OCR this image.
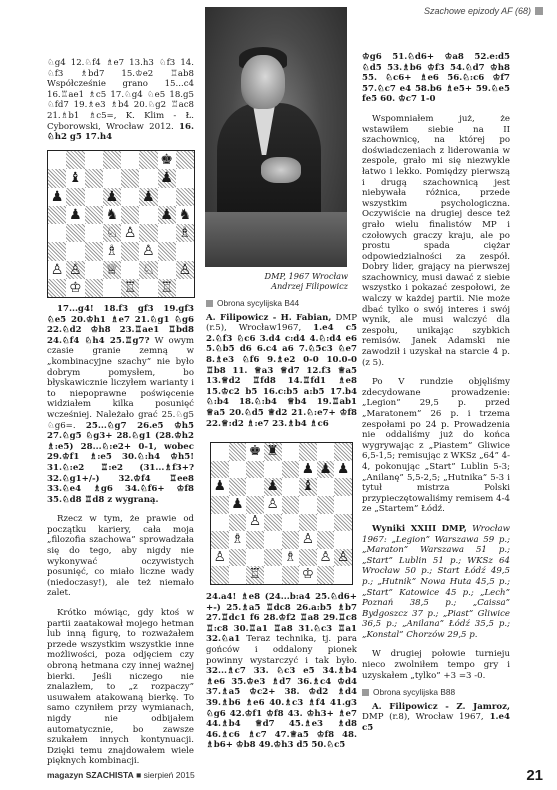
Szachowe epizody AF (68)

♘g4 12.♘f4 ♗e7 13.h3 ♘f3 14. ♘f3 ♗bd7 15.♔e2 ♖ab8 Współcześnie grano 15...c4 16.♖ae1 ♗c5 17.♘g4 ♘e5 18.g5 ♘fd7 19.♗e3 ♗b4 20.♘g2 ♖ac8 21.♗b1 ♗c5=, K. Klim - Ł. Cyborowski, Wrocław 2012. 16. ♘h2 g5 17.h4

♚
♝	♟
♟	♟ ♟
♟ ♞	♟ ♞
♘ ♙	♗
♗ ♙
♙ ♙ ♕ ♘ ♙
♔	♖ ♖

17...g4! 18.f3 gf3 19.gf3 ♘e5 20.♔h1 ♗e7 21.♘g1 ♘g6 22.♘d2 ♔h8 23.♖ae1 ♖bd8 24.♘f4 ♘h4 25.♖g7? W owym czasie granie zemną w „kombinacyjne szachy” nie było dobrym pomysłem, bo błyskawicznie liczyłem warianty i to niepoprawne poświęcenie widziałem kilka posunięć wcześniej. Należało grać 25.♘g5 ♘g6=. 25...♘g7 26.e5 ♔h5 27.♘g5 ♘g3+ 28.♘g1 (28.♔h2 ♗:e5) 28...♘:e2+ 0-1, wobec 29.♔f1 ♗:e5 30.♘:h4 ♔h5! 31.♘:e2 ♖:e2 (31...♗f3+? 32.♘g1+/-) 32.♔f4 ♖ee8 33.♘e4 ♗g6 34.♘f6+ ♔f8 35.♘d8 ♖d8 z wygraną.

Rzecz w tym, że prawie od początku kariery, cała moja „filozofia szachowa” sprowadzała się do tego, aby nigdy nie wykonywać oczywistych posunięć, co miało liczne wady (niedoczasy!), ale też niemało zalet.

Krótko mówiąc, gdy ktoś w partii zaatakował mojego hetman lub inną figurę, to rozważałem przede wszystkim wszystkie inne możliwości, poza odjęciem czy obroną hetmana czy innej ważnej bierki. Jeśli niczego nie znalazłem, to „z rozpaczy” usuwałem atakowaną bierkę. To samo czyniłem przy wymianach, nigdy nie odbijałem automatycznie, bo zawsze szukałem innych kontynuacji. Dzięki temu znajdowałem wiele pięknych kombinacji.

DMP, 1967 Wrocław
Andrzej Filipowicz
Obrona sycylijska B44

A. Filipowicz - H. Fabian, DMP (r.5), Wrocław1967, 1.e4 c5 2.♘f3 ♘c6 3.d4 c:d4 4.♘:d4 e6 5.♘b5 d6 6.c4 a6 7.♘5c3 ♘e7 8.♗e3 ♘f6 9.♗e2 0-0 10.0-0 ♖b8 11. ♕a3 ♕d7 12.f3 ♕a5 13.♕d2 ♖fd8 14.♖fd1 ♗e8 15.♔c2 b5 16.c:b5 a:b5 17.b4 ♘:b4 18.♘:b4 ♕b4 19.♖ab1 ♕a5 20.♘d5 ♕d2 21.♘:e7+ ♔f8 22.♕:d2 ♗:e7 23.♗b4 ♗c6

♚ ♜
♟ ♟ ♟
♟	♟ ♝
♟ ♙
♙
♗	♙
♙	♗ ♙ ♙
♖	♔

24.a4! ♗e8 (24...b:a4 25.♘d6+ +-) 25.♗a5 ♖dc8 26.a:b5 ♗b7 27.♖dc1 f6 28.♔f2 ♖a8 29.♖c8 ♖:c8 30.♖a1 ♖a8 31.♘c3 ♖a1 32.♘a1 Teraz technika, tj. para gońców i oddalony pionek powinny wystarczyć i tak było. 32...♗c7 33. ♘c3 e5 34.♗b4 ♗e6 35.♔e3 ♗d7 36.♗c4 ♔d4 37.♗a5 ♔c2+ 38. ♔d2 ♗d4 39.♗b6 ♗e6 40.♗c3 ♗f4 41.g3 ♘g6 42.♔f1 ♔f8 43. ♔h3+ ♗e7 44.♗b4 ♕d7 45.♗e3 ♗d8 46.♗c6 ♗c7 47.♕a5 ♔f8 48. ♗b6+ ♔b8 49.♔h3 d5 50.♘c5

♔g6 51.♘d6+ ♔a8 52.e:d5 ♘d5 53.♗b6 ♔f3 54.♘d7 ♔h8 55. ♘c6+ ♗e6 56.♘:c6 ♔f7 57.♘c7 e4 58.b6 ♗e5+ 59.♘e5 fe5 60. ♔c7 1-0

Wspomniałem już, że wstawiłem siebie na II szachownicę, na której po doświadczeniach z liderowania w zespole, grało mi się niezwykle łatwo i lekko. Pomiędzy pierwszą i drugą szachownicą jest niebywała różnica, przede wszystkim psychologiczna. Oczywiście na drugiej desce też grało wielu finalistów MP i czołowych graczy kraju, ale po prostu spada ciężar odpowiedzialności za zespół. Dobry lider, grający na pierwszej szachownicy, musi dawać z siebie wszystko i pokazać zespołowi, że walczy w każdej partii. Nie może dbać tylko o swój interes i swój wynik, ale musi walczyć dla zespołu, unikając szybkich remisów. Janek Adamski nie zawodził i uzyskał na starcie 4 p. (z 5).

Po V rundzie objęliśmy zdecydowane prowadzenie: „Legion” 29,5 p. przed „Maratonem” 26 p. i trzema zespołami po 24 p. Prowadzenia nie oddaliśmy już do końca wygrywając z „Piastem” Gliwice 6,5-1,5; remisując z WKSz „64” 4-4, pokonując „Start” Lublin 5-3; „Anilanę” 5,5-2,5; „Hutnika” 5-3 i tytuł mistrza Polski przypieczętowaliśmy remisem 4-4 ze „Startem” Łódź.

Wyniki XXIII DMP, Wrocław 1967: „Legion” Warszawa 59 p.; „Maraton” Warszawa 51 p.; „Start” Lublin 51 p.; WKSz 64 Wrocław 50 p.; Start Łódź 49,5 p.; „Hutnik” Nowa Huta 45,5 p.; „Start” Katowice 45 p.; „Lech” Poznań 38,5 p.; „Caissa” Bydgoszcz 37 p.; „Piast” Gliwice 36,5 p.; „Anilana” Łódź 35,5 p.; „Konstal” Chorzów 29,5 p.

W drugiej połowie turnieju nieco zwolniłem tempo gry i uzyskałem „tylko” +3 =3 -0.

Obrona sycylijska B88

A. Filipowicz - Z. Jamroz, DMP (r.8), Wrocław 1967, 1.e4 c5

magazyn SZACHISTA ■ sierpień 2015	21
